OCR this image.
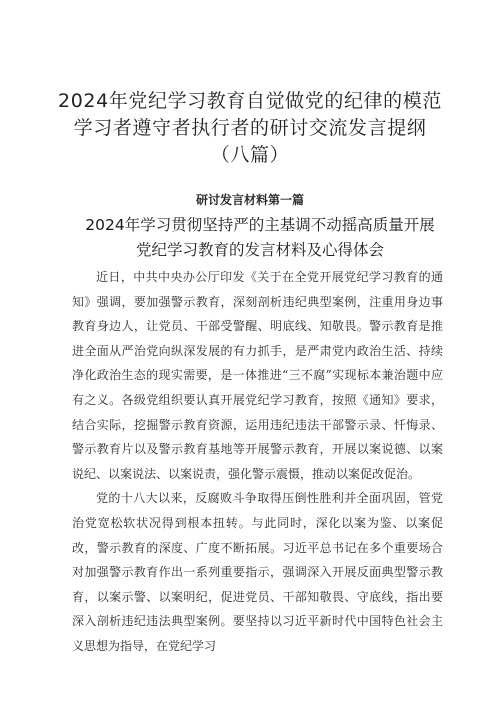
2024年党纪学习教育自觉做党的纪律的模范学习者遵守者执行者的研讨交流发言提纲（八篇）
研讨发言材料第一篇
2024年学习贯彻坚持严的主基调不动摇高质量开展党纪学习教育的发言材料及心得体会

近日，中共中央办公厅印发《关于在全党开展党纪学习教育的通知》强调，要加强警示教育，深刻剖析违纪典型案例，注重用身边事教育身边人，让党员、干部受警醒、明底线、知敬畏。警示教育是推进全面从严治党向纵深发展的有力抓手，是严肃党内政治生活、持续净化政治生态的现实需要，是一体推进“三不腐”实现标本兼治题中应有之义。各级党组织要认真开展党纪学习教育，按照《通知》要求，结合实际，挖掘警示教育资源，运用违纪违法干部警示录、忏悔录、警示教育片以及警示教育基地等开展警示教育，开展以案说德、以案说纪、以案说法、以案说责，强化警示震慑，推动以案促改促治。

党的十八大以来，反腐败斗争取得压倒性胜利并全面巩固，管党治党宽松软状况得到根本扭转。与此同时，深化以案为鉴、以案促改，警示教育的深度、广度不断拓展。习近平总书记在多个重要场合对加强警示教育作出一系列重要指示，强调深入开展反面典型警示教育，以案示警、以案明纪，促进党员、干部知敬畏、守底线，指出要深入剖析违纪违法典型案例。要坚持以习近平新时代中国特色社会主义思想为指导，在党纪学习
